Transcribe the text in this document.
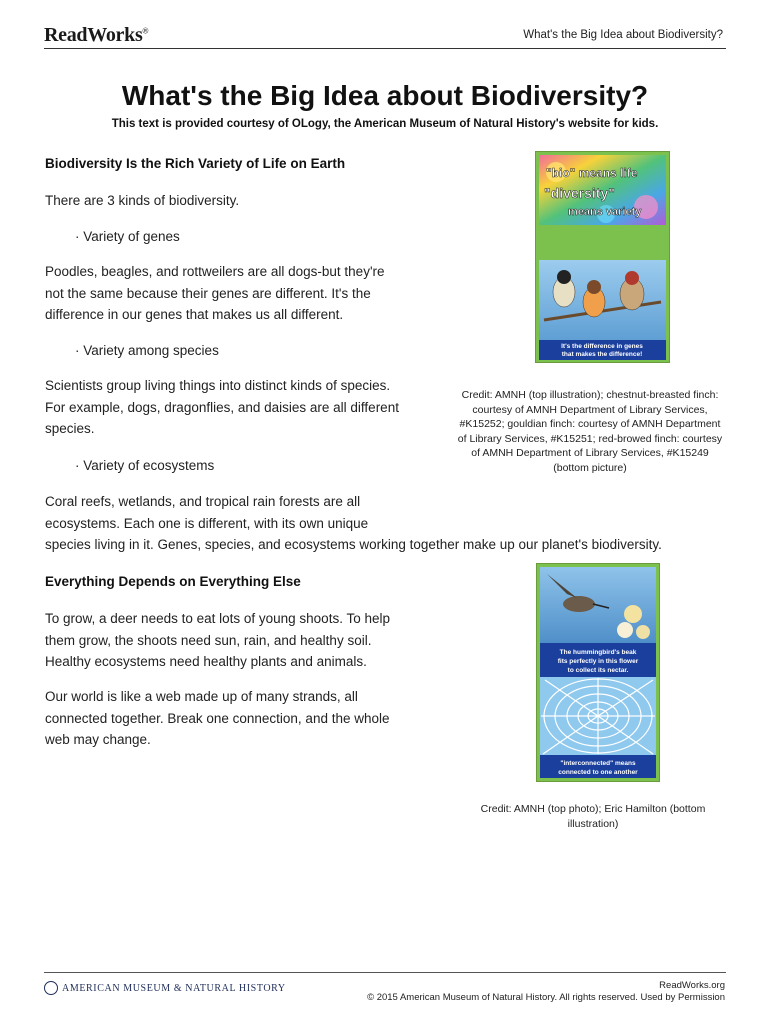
ReadWorks®	What's the Big Idea about Biodiversity?
What's the Big Idea about Biodiversity?
This text is provided courtesy of OLogy, the American Museum of Natural History's website for kids.
Biodiversity Is the Rich Variety of Life on Earth
There are 3 kinds of biodiversity.
· Variety of genes
Poodles, beagles, and rottweilers are all dogs-but they're
not the same because their genes are different. It's the
difference in our genes that makes us all different.
· Variety among species
Scientists group living things into distinct kinds of species.
For example, dogs, dragonflies, and daisies are all different
species.
· Variety of ecosystems
Coral reefs, wetlands, and tropical rain forests are all
ecosystems. Each one is different, with its own unique
species living in it. Genes, species, and ecosystems working together make up our planet's biodiversity.
"bio" means life
"diversity"
means variety
It's the difference in genes
that makes the difference!
Credit: AMNH (top illustration); chestnut-breasted finch:
courtesy of AMNH Department of Library Services,
#K15252; gouldian finch: courtesy of AMNH Department
of Library Services, #K15251; red-browed finch: courtesy
of AMNH Department of Library Services, #K15249
(bottom picture)
Everything Depends on Everything Else
To grow, a deer needs to eat lots of young shoots. To help
them grow, the shoots need sun, rain, and healthy soil.
Healthy ecosystems need healthy plants and animals.
Our world is like a web made up of many strands, all
connected together. Break one connection, and the whole
web may change.
The hummingbird's beak
fits perfectly in this flower
to collect its nectar.
"interconnected" means
connected to one another
Credit: AMNH (top photo); Eric Hamilton (bottom
illustration)
AMERICAN MUSEUM & NATURAL HISTORY	ReadWorks.org
© 2015 American Museum of Natural History. All rights reserved. Used by Permission
